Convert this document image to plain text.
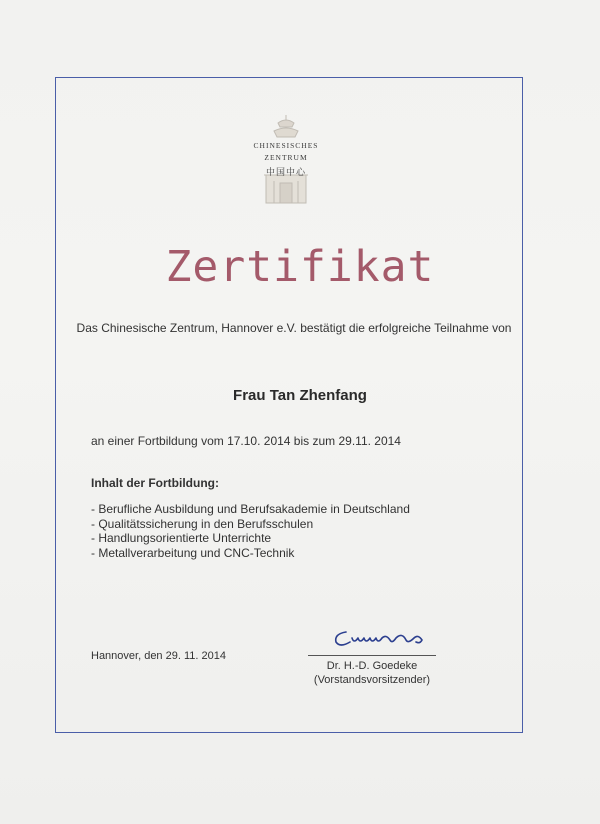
CHINESISCHES
ZENTRUM
中国中心
Zertifikat
Das Chinesische Zentrum, Hannover e.V. bestätigt die erfolgreiche Teilnahme von
Frau Tan Zhenfang
an einer Fortbildung vom 17.10. 2014 bis zum 29.11. 2014
Inhalt der Fortbildung:
- Berufliche Ausbildung und Berufsakademie in Deutschland
- Qualitätssicherung in den Berufsschulen
- Handlungsorientierte Unterrichte
- Metallverarbeitung und CNC-Technik
Hannover, den 29. 11. 2014
Dr. H.-D. Goedeke
(Vorstandsvorsitzender)
